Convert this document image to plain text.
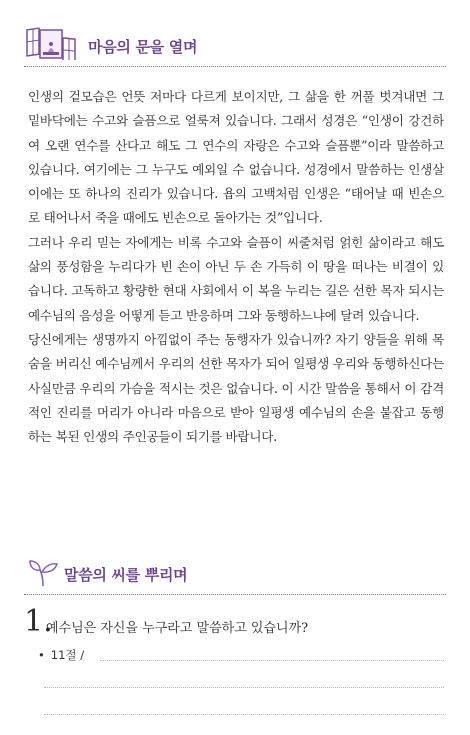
마음의 문을 열며

인생의 겉모습은 언뜻 저마다 다르게 보이지만, 그 삶을 한 꺼풀 벗겨내면 그 밑바닥에는 수고와 슬픔으로 얼룩져 있습니다. 그래서 성경은 “인생이 강건하여 오랜 연수를 산다고 해도 그 연수의 자랑은 수고와 슬픔뿐”이라 말씀하고 있습니다. 여기에는 그 누구도 예외일 수 없습니다. 성경에서 말씀하는 인생살이에는 또 하나의 진리가 있습니다. 욥의 고백처럼 인생은 “태어날 때 빈손으로 태어나서 죽을 때에도 빈손으로 돌아가는 것”입니다.

그러나 우리 믿는 자에게는 비록 수고와 슬픔이 씨줄처럼 얽힌 삶이라고 해도 삶의 풍성함을 누리다가 빈 손이 아닌 두 손 가득히 이 땅을 떠나는 비결이 있습니다. 고독하고 황량한 현대 사회에서 이 복을 누리는 길은 선한 목자 되시는 예수님의 음성을 어떻게 듣고 반응하며 그와 동행하느냐에 달려 있습니다.

당신에게는 생명까지 아낌없이 주는 동행자가 있습니까? 자기 양들을 위해 목숨을 버리신 예수님께서 우리의 선한 목자가 되어 일평생 우리와 동행하신다는 사실만큼 우리의 가슴을 적시는 것은 없습니다. 이 시간 말씀을 통해서 이 감격적인 진리를 머리가 아니라 마음으로 받아 일평생 예수님의 손을 붙잡고 동행하는 복된 인생의 주인공들이 되기를 바랍니다.

말씀의 씨를 뿌리며
1.
예수님은 자신을 누구라고 말씀하고 있습니까?
• 11절 /
